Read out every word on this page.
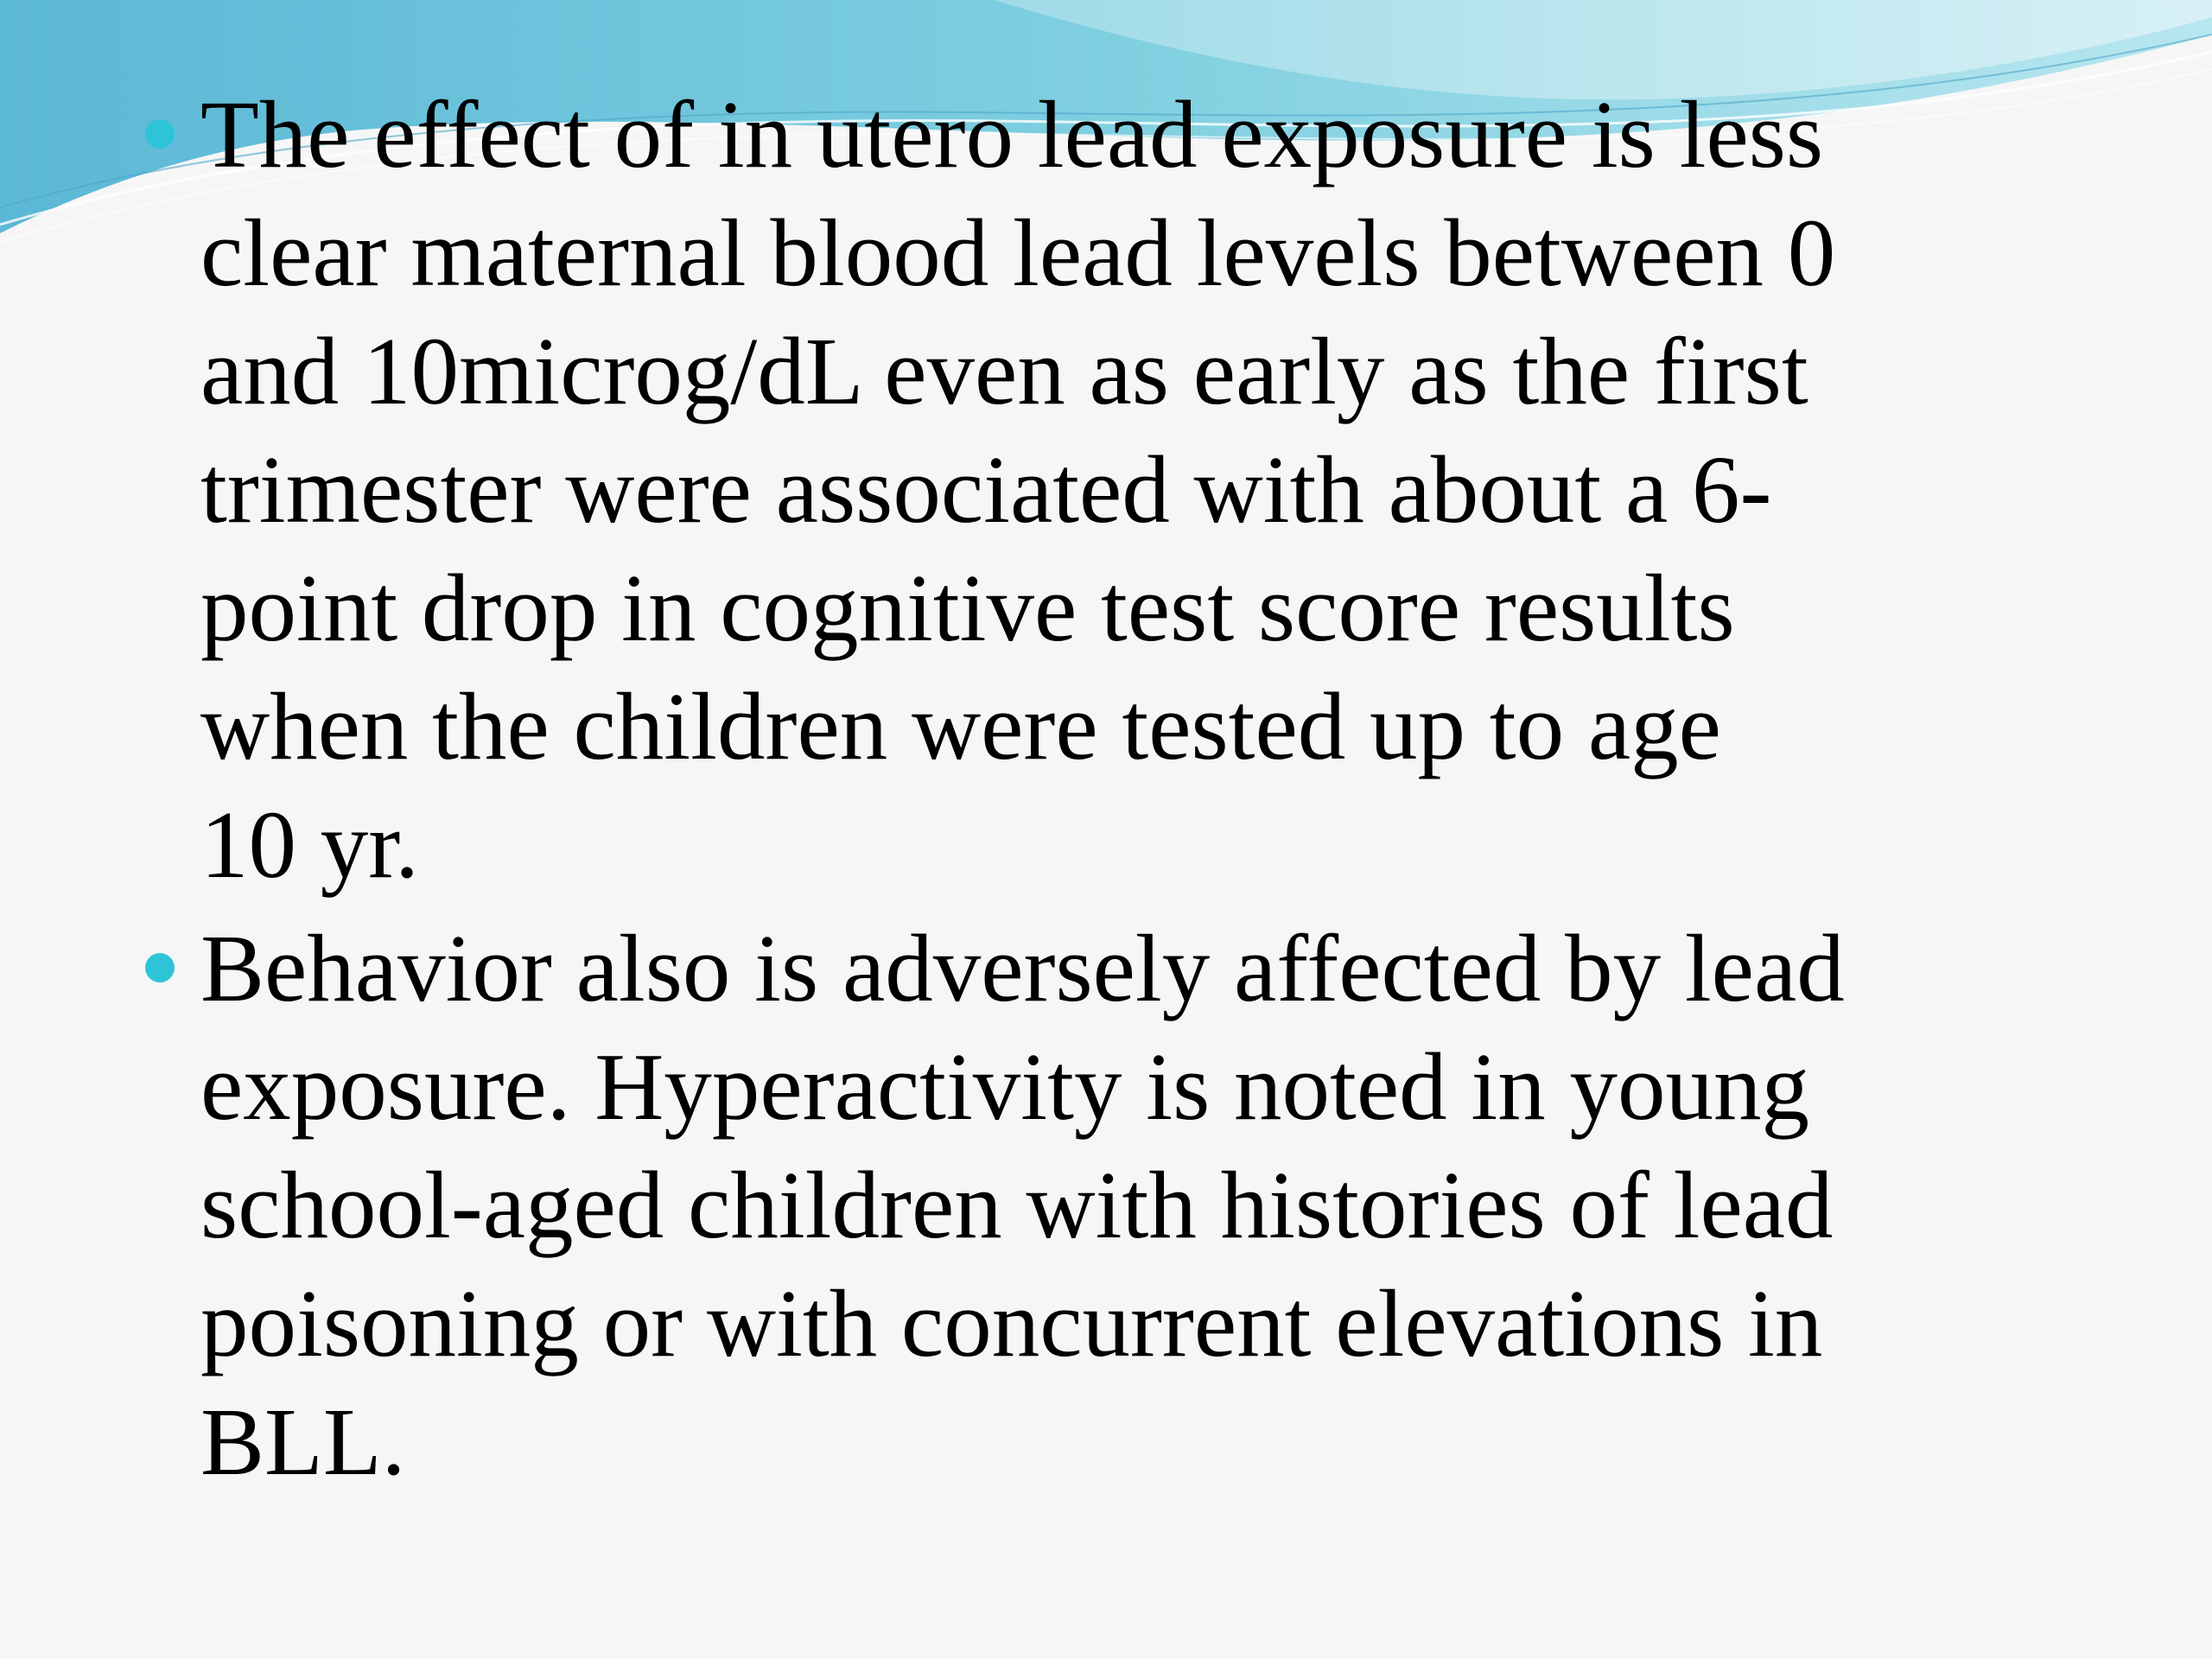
The effect of in utero lead exposure is less
clear maternal blood lead levels between 0
and 10microg/dL even as early as the first
trimester were associated with about a 6-
point drop in cognitive test score results
when the children were tested up to age
10 yr.
Behavior also is adversely affected by lead
exposure. Hyperactivity is noted in young
school-aged children with histories of lead
poisoning or with concurrent elevations in
BLL.
